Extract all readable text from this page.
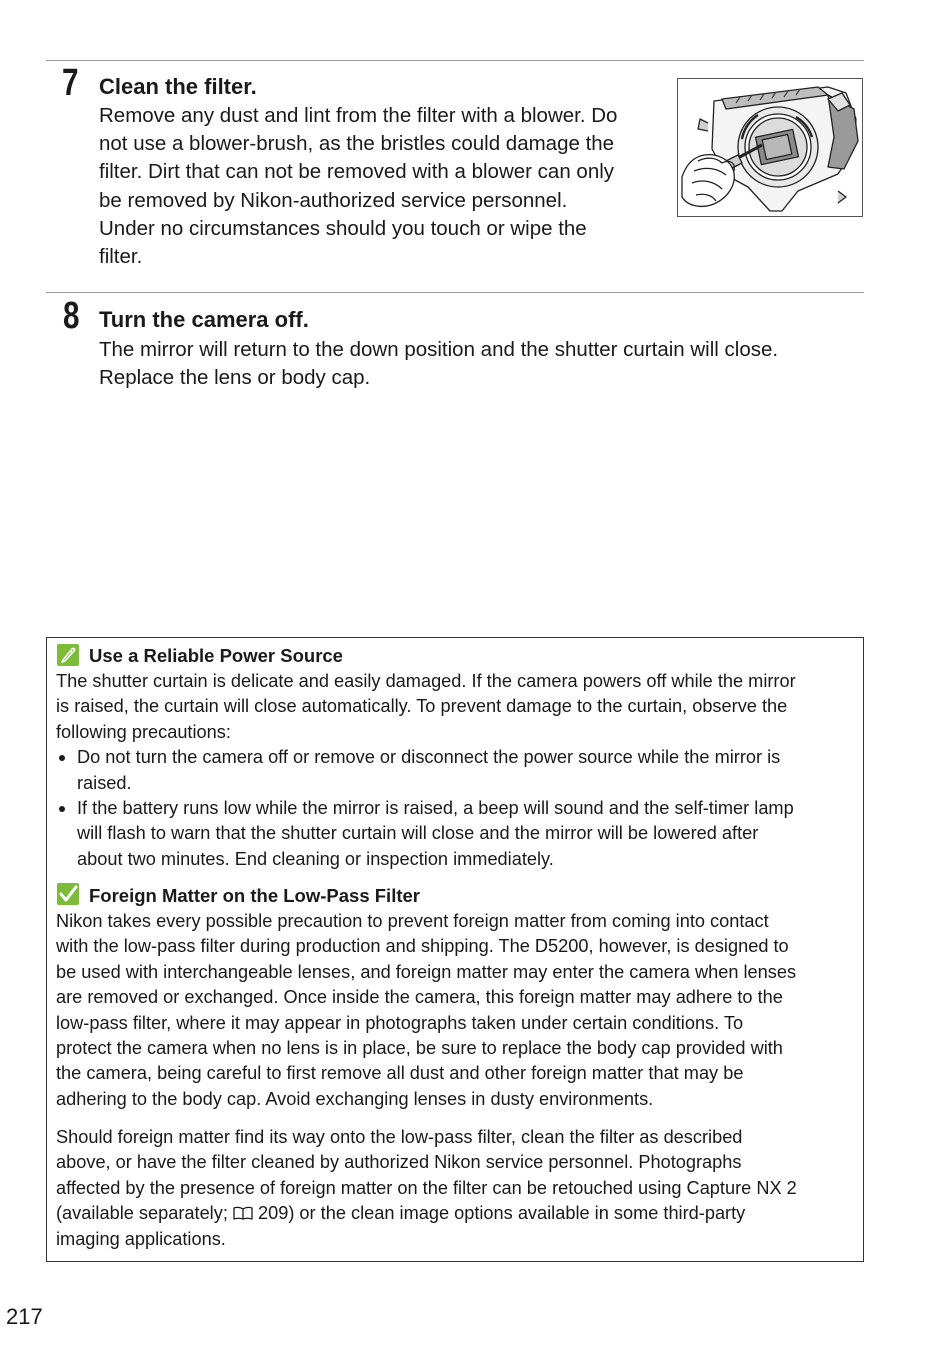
7 Clean the filter.

Remove any dust and lint from the filter with a blower. Do

not use a blower-brush, as the bristles could damage the

filter. Dirt that can not be removed with a blower can only

be removed by Nikon-authorized service personnel.

Under no circumstances should you touch or wipe the

filter.

8 Turn the camera off.

The mirror will return to the down position and the shutter curtain will close.

Replace the lens or body cap.

Use a Reliable Power Source

The shutter curtain is delicate and easily damaged. If the camera powers off while the mirror

is raised, the curtain will close automatically. To prevent damage to the curtain, observe the

following precautions:

Do not turn the camera off or remove or disconnect the power source while the mirror is
raised.
If the battery runs low while the mirror is raised, a beep will sound and the self-timer lamp
will flash to warn that the shutter curtain will close and the mirror will be lowered after
about two minutes. End cleaning or inspection immediately.
Foreign Matter on the Low-Pass Filter

Nikon takes every possible precaution to prevent foreign matter from coming into contact

with the low-pass filter during production and shipping. The D5200, however, is designed to

be used with interchangeable lenses, and foreign matter may enter the camera when lenses

are removed or exchanged. Once inside the camera, this foreign matter may adhere to the

low-pass filter, where it may appear in photographs taken under certain conditions. To

protect the camera when no lens is in place, be sure to replace the body cap provided with

the camera, being careful to first remove all dust and other foreign matter that may be

adhering to the body cap. Avoid exchanging lenses in dusty environments.

Should foreign matter find its way onto the low-pass filter, clean the filter as described

above, or have the filter cleaned by authorized Nikon service personnel. Photographs

affected by the presence of foreign matter on the filter can be retouched using Capture NX 2

(available separately;  209) or the clean image options available in some third-party

imaging applications.

217
